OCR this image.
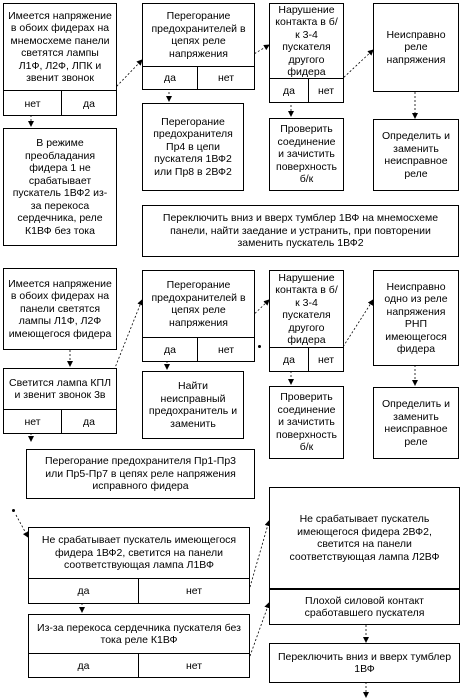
Имеется напряжение в обоих фидерах на мнемосхеме панели светятся лампы Л1Ф, Л2Ф, ЛПК и звенит звонок
нет	да
В режиме преобладания фидера 1 не срабатывает пускатель 1ВФ2 из-за перекоса сердечника, реле К1ВФ без тока
Перегорание предохранителей в цепях реле напряжения
да	нет
Перегорание предохранителя Пр4 в цепи пускателя 1ВФ2 или Пр8 в 2ВФ2
Нарушение контакта в б/к 3-4 пускателя другого фидера
да	нет
Проверить соединение и зачистить поверхность б/к
Неисправно реле напряжения
Определить и заменить неисправное реле
Переключить вниз и вверх тумблер 1ВФ на мнемосхеме панели, найти заедание и устранить, при повторении заменить пускатель 1ВФ2
Имеется напряжение в обоих фидерах на панели светятся лампы Л1Ф, Л2Ф имеющегося фидера
Светится лампа КПЛ и звенит звонок 3в
нет	да
Перегорание предохранителей в цепях реле напряжения
да	нет
Найти неисправный предохранитель и заменить
Нарушение контакта в б/к 3-4 пускателя другого фидера
да	нет
Проверить соединение и зачистить поверхность б/к
Неисправно одно из реле напряжения РНП имеющегося фидера
Определить и заменить неисправное реле
Перегорание предохранителя Пр1-Пр3 или Пр5-Пр7 в цепях реле напряжения исправного фидера
Не срабатывает пускатель имеющегося фидера 1ВФ2, светится на панели соответствующая лампа Л1ВФ
да	нет
Из-за перекоса сердечника пускателя без тока реле К1ВФ
да	нет
Не срабатывает пускатель имеющегося фидера 2ВФ2, светится на панели соответствующая лампа Л2ВФ
Плохой силовой контакт сработавшего пускателя
Переключить вниз и вверх тумблер 1ВФ
